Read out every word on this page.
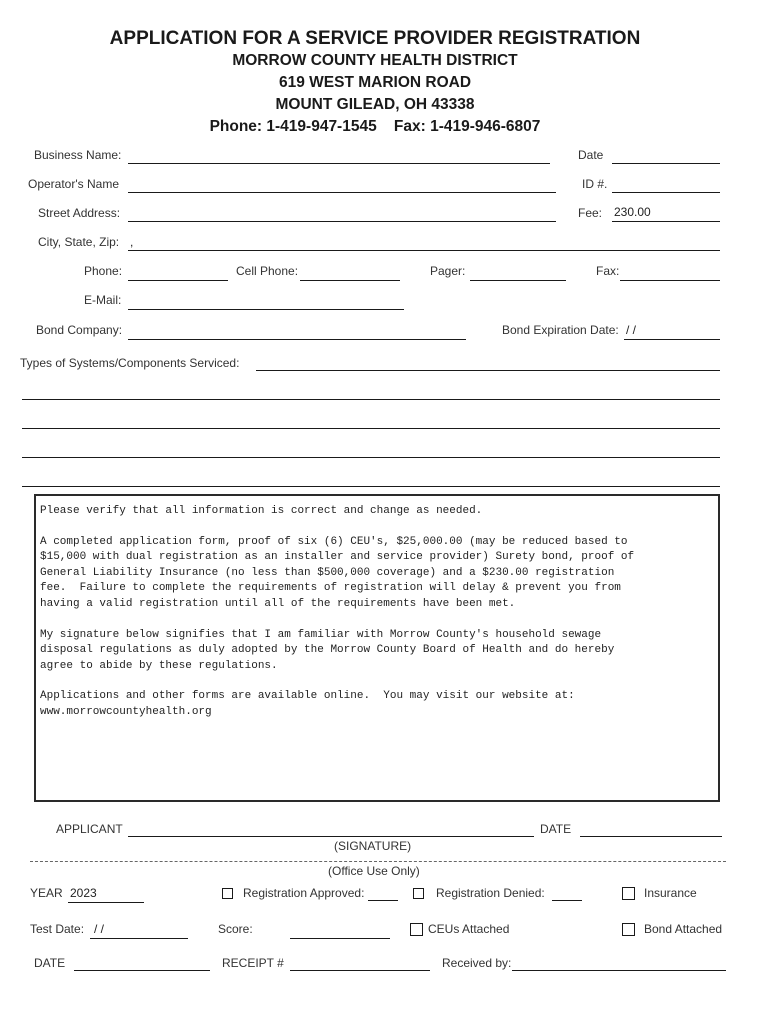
APPLICATION FOR A SERVICE PROVIDER REGISTRATION
MORROW COUNTY HEALTH DISTRICT
619 WEST MARION ROAD
MOUNT GILEAD, OH 43338
Phone: 1-419-947-1545    Fax: 1-419-946-6807
Business Name:	Date
Operator's Name	ID #.
Street Address:	Fee: 230.00
City, State, Zip: ,
Phone:	Cell Phone:	Pager:	Fax:
E-Mail:
Bond Company:	Bond Expiration Date: / /
Types of Systems/Components Serviced:

Please verify that all information is correct and change as needed.

A completed application form, proof of six (6) CEU's, $25,000.00 (may be reduced based to
$15,000 with dual registration as an installer and service provider) Surety bond, proof of
General Liability Insurance (no less than $500,000 coverage) and a $230.00 registration
fee.  Failure to complete the requirements of registration will delay & prevent you from
having a valid registration until all of the requirements have been met.

My signature below signifies that I am familiar with Morrow County's household sewage
disposal regulations as duly adopted by the Morrow County Board of Health and do hereby
agree to abide by these regulations.

Applications and other forms are available online.  You may visit our website at:
www.morrowcountyhealth.org

APPLICANT	DATE
(SIGNATURE)
(Office Use Only)
YEAR 2023	Registration Approved:	Registration Denied:	Insurance
Test Date: / /	Score:	CEUs Attached	Bond Attached
DATE	RECEIPT #	Received by:
